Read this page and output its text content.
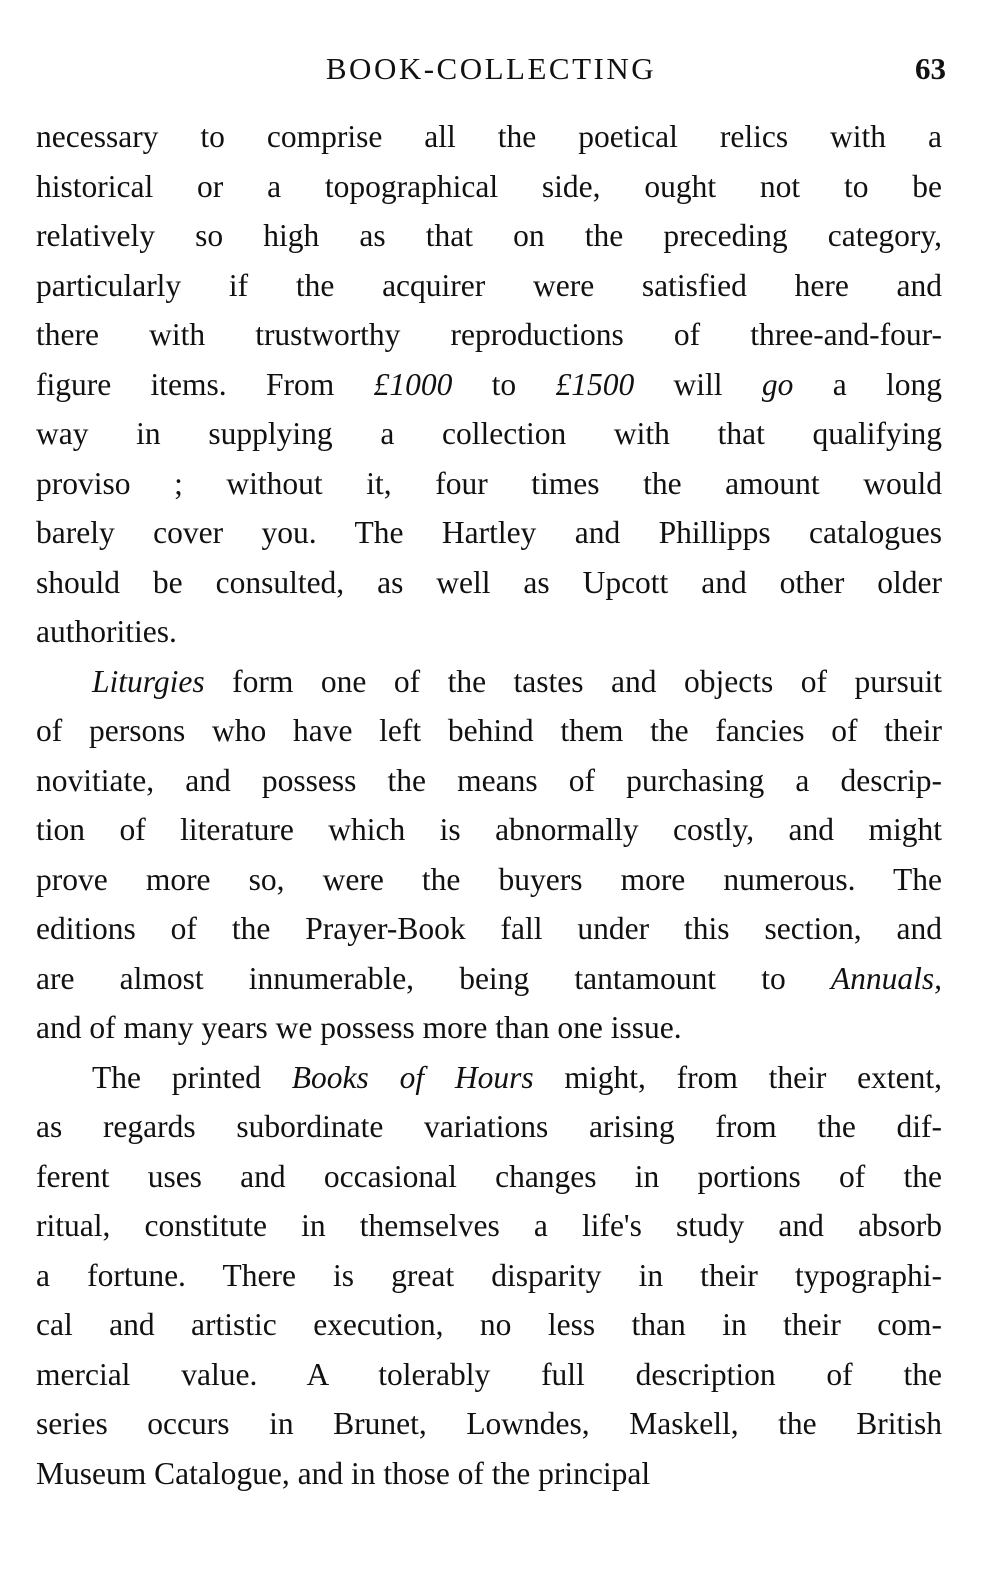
BOOK-COLLECTING	63
necessary to comprise all the poetical relics with a
historical or a topographical side, ought not to be
relatively so high as that on the preceding category,
particularly if the acquirer were satisfied here and
there with trustworthy reproductions of three-and-four-
figure items. From £1000 to £1500 will go a long
way in supplying a collection with that qualifying
proviso ; without it, four times the amount would
barely cover you. The Hartley and Phillipps catalogues
should be consulted, as well as Upcott and other older
authorities.
Liturgies form one of the tastes and objects of pursuit
of persons who have left behind them the fancies of their
novitiate, and possess the means of purchasing a descrip-
tion of literature which is abnormally costly, and might
prove more so, were the buyers more numerous. The
editions of the Prayer-Book fall under this section, and
are almost innumerable, being tantamount to Annuals,
and of many years we possess more than one issue.
The printed Books of Hours might, from their extent,
as regards subordinate variations arising from the dif-
ferent uses and occasional changes in portions of the
ritual, constitute in themselves a life's study and absorb
a fortune. There is great disparity in their typographi-
cal and artistic execution, no less than in their com-
mercial value. A tolerably full description of the
series occurs in Brunet, Lowndes, Maskell, the British
Museum Catalogue, and in those of the principal
